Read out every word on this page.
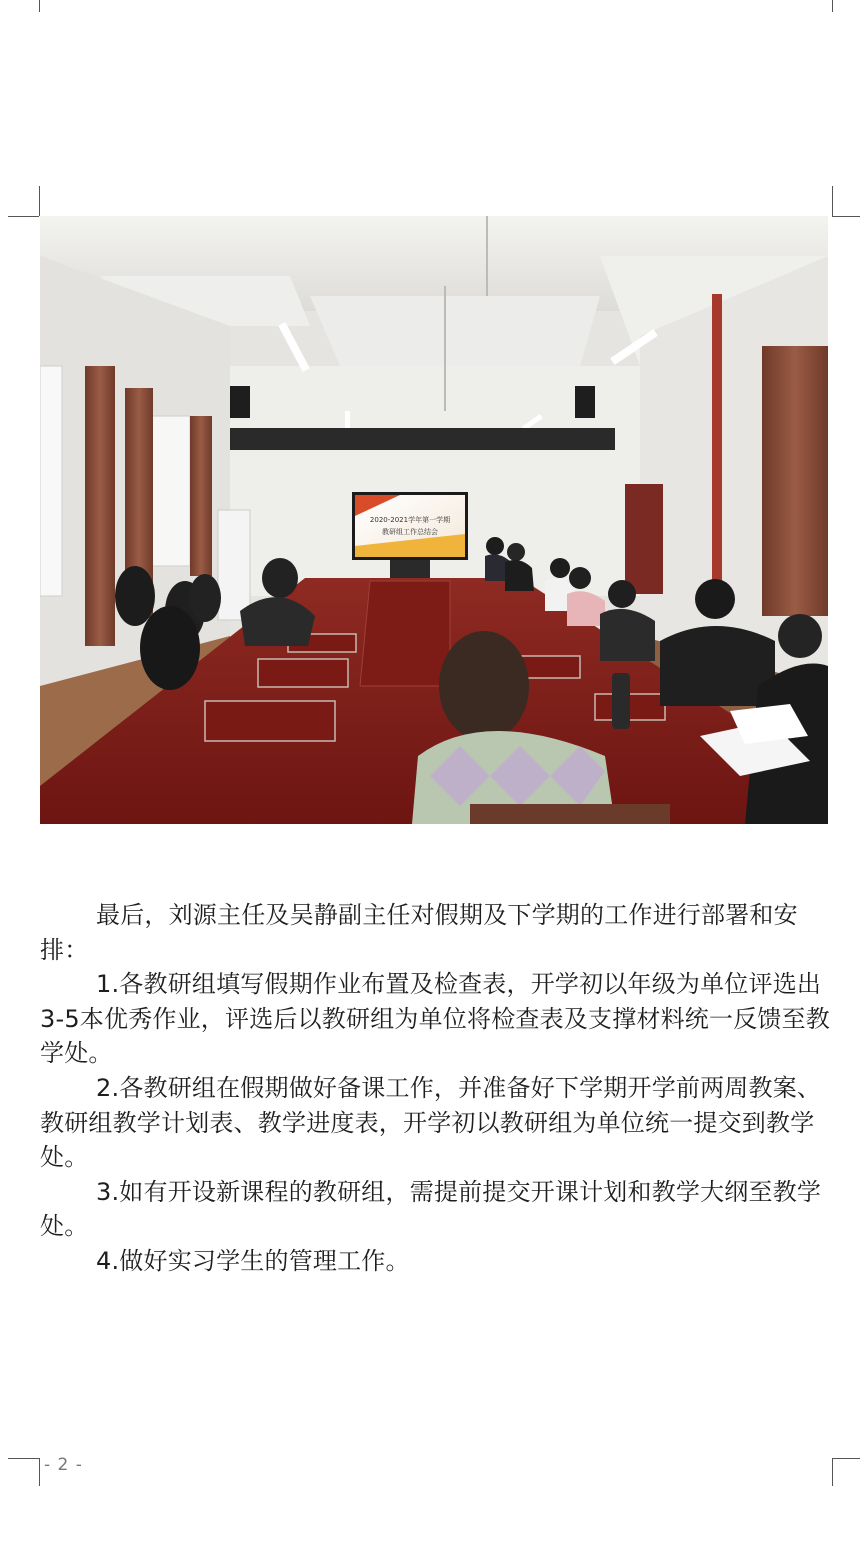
2020-2021学年第一学期
教研组工作总结会

最后，刘源主任及吴静副主任对假期及下学期的工作进行部署和安排：

1.各教研组填写假期作业布置及检查表，开学初以年级为单位评选出3-5本优秀作业，评选后以教研组为单位将检查表及支撑材料统一反馈至教学处。

2.各教研组在假期做好备课工作，并准备好下学期开学前两周教案、教研组教学计划表、教学进度表，开学初以教研组为单位统一提交到教学处。

3.如有开设新课程的教研组，需提前提交开课计划和教学大纲至教学处。

4.做好实习学生的管理工作。

- 2 -
